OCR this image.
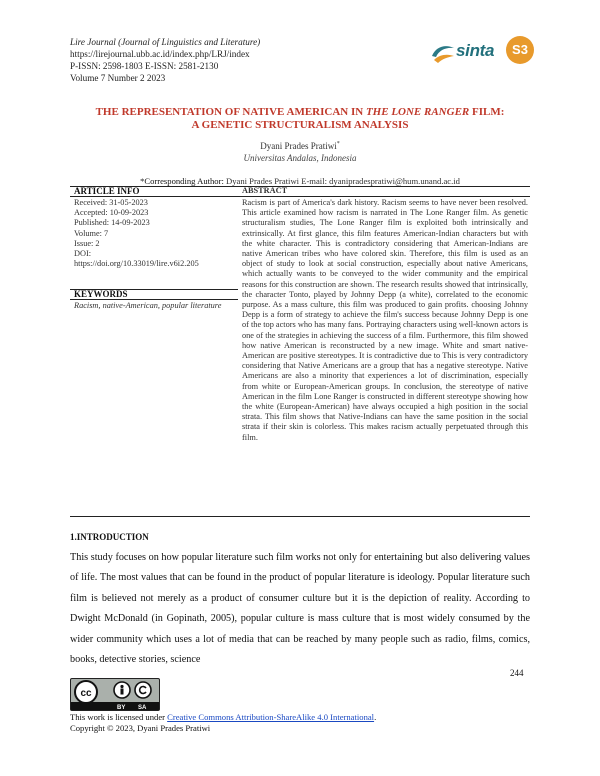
Lire Journal (Journal of Linguistics and Literature)
https://lirejournal.ubb.ac.id/index.php/LRJ/index
P-ISSN: 2598-1803 E-ISSN: 2581-2130
Volume 7 Number 2 2023
sinta	S3
THE REPRESENTATION OF NATIVE AMERICAN IN THE LONE RANGER FILM:
A GENETIC STRUCTURALISM ANALYSIS
Dyani Prades Pratiwi*
Universitas Andalas, Indonesia
*Corresponding Author: Dyani Prades Pratiwi E-mail: dyanipradespratiwi@hum.unand.ac.id
ARTICLE INFO
Received: 31-05-2023
Accepted: 10-09-2023
Published: 14-09-2023
Volume: 7
Issue: 2
DOI:
https://doi.org/10.33019/lire.v6i2.205
KEYWORDS
Racism, native-American, popular literature
ABSTRACT
Racism is part of America's dark history. Racism seems to have never been resolved. This article examined how racism is narrated in The Lone Ranger film. As genetic structuralism studies, The Lone Ranger film is exploited both intrinsically and extrinsically. At first glance, this film features American-Indian characters but with the white character. This is contradictory considering that American-Indians are native American tribes who have colored skin. Therefore, this film is used as an object of study to look at social construction, especially about native Americans, which actually wants to be conveyed to the wider community and the empirical reasons for this construction are shown. The research results showed that intrinsically, the character Tonto, played by Johnny Depp (a white), correlated to the economic purpose. As a mass culture, this film was produced to gain profits. choosing Johnny Depp is a form of strategy to achieve the film's success because Johnny Depp is one of the top actors who has many fans. Portraying characters using well-known actors is one of the strategies in achieving the success of a film. Furthermore, this film showed how native American is reconstructed by a new image. White and smart native-American are positive stereotypes. It is contradictive due to This is very contradictory considering that Native Americans are a group that has a negative stereotype. Native Americans are also a minority that experiences a lot of discrimination, especially from white or European-American groups. In conclusion, the stereotype of native American in the film Lone Ranger is constructed in different stereotype showing how the white (European-American) have always occupied a high position in the social strata. This film shows that Native-Indians can have the same position in the social strata if their skin is colorless. This makes racism actually perpetuated through this film.
1.INTRODUCTION
This study focuses on how popular literature such film works not only for entertaining but also delivering values of life. The most values that can be found in the product of popular literature is ideology. Popular literature such film is believed not merely as a product of consumer culture but it is the depiction of reality. According to Dwight McDonald (in Gopinath, 2005), popular culture is mass culture that is most widely consumed by the wider community which uses a lot of media that can be reached by many people such as radio, films, comics, books, detective stories, science
244
cc
BY SA
This work is licensed under Creative Commons Attribution-ShareAlike 4.0 International.
Copyright © 2023, Dyani Prades Pratiwi
